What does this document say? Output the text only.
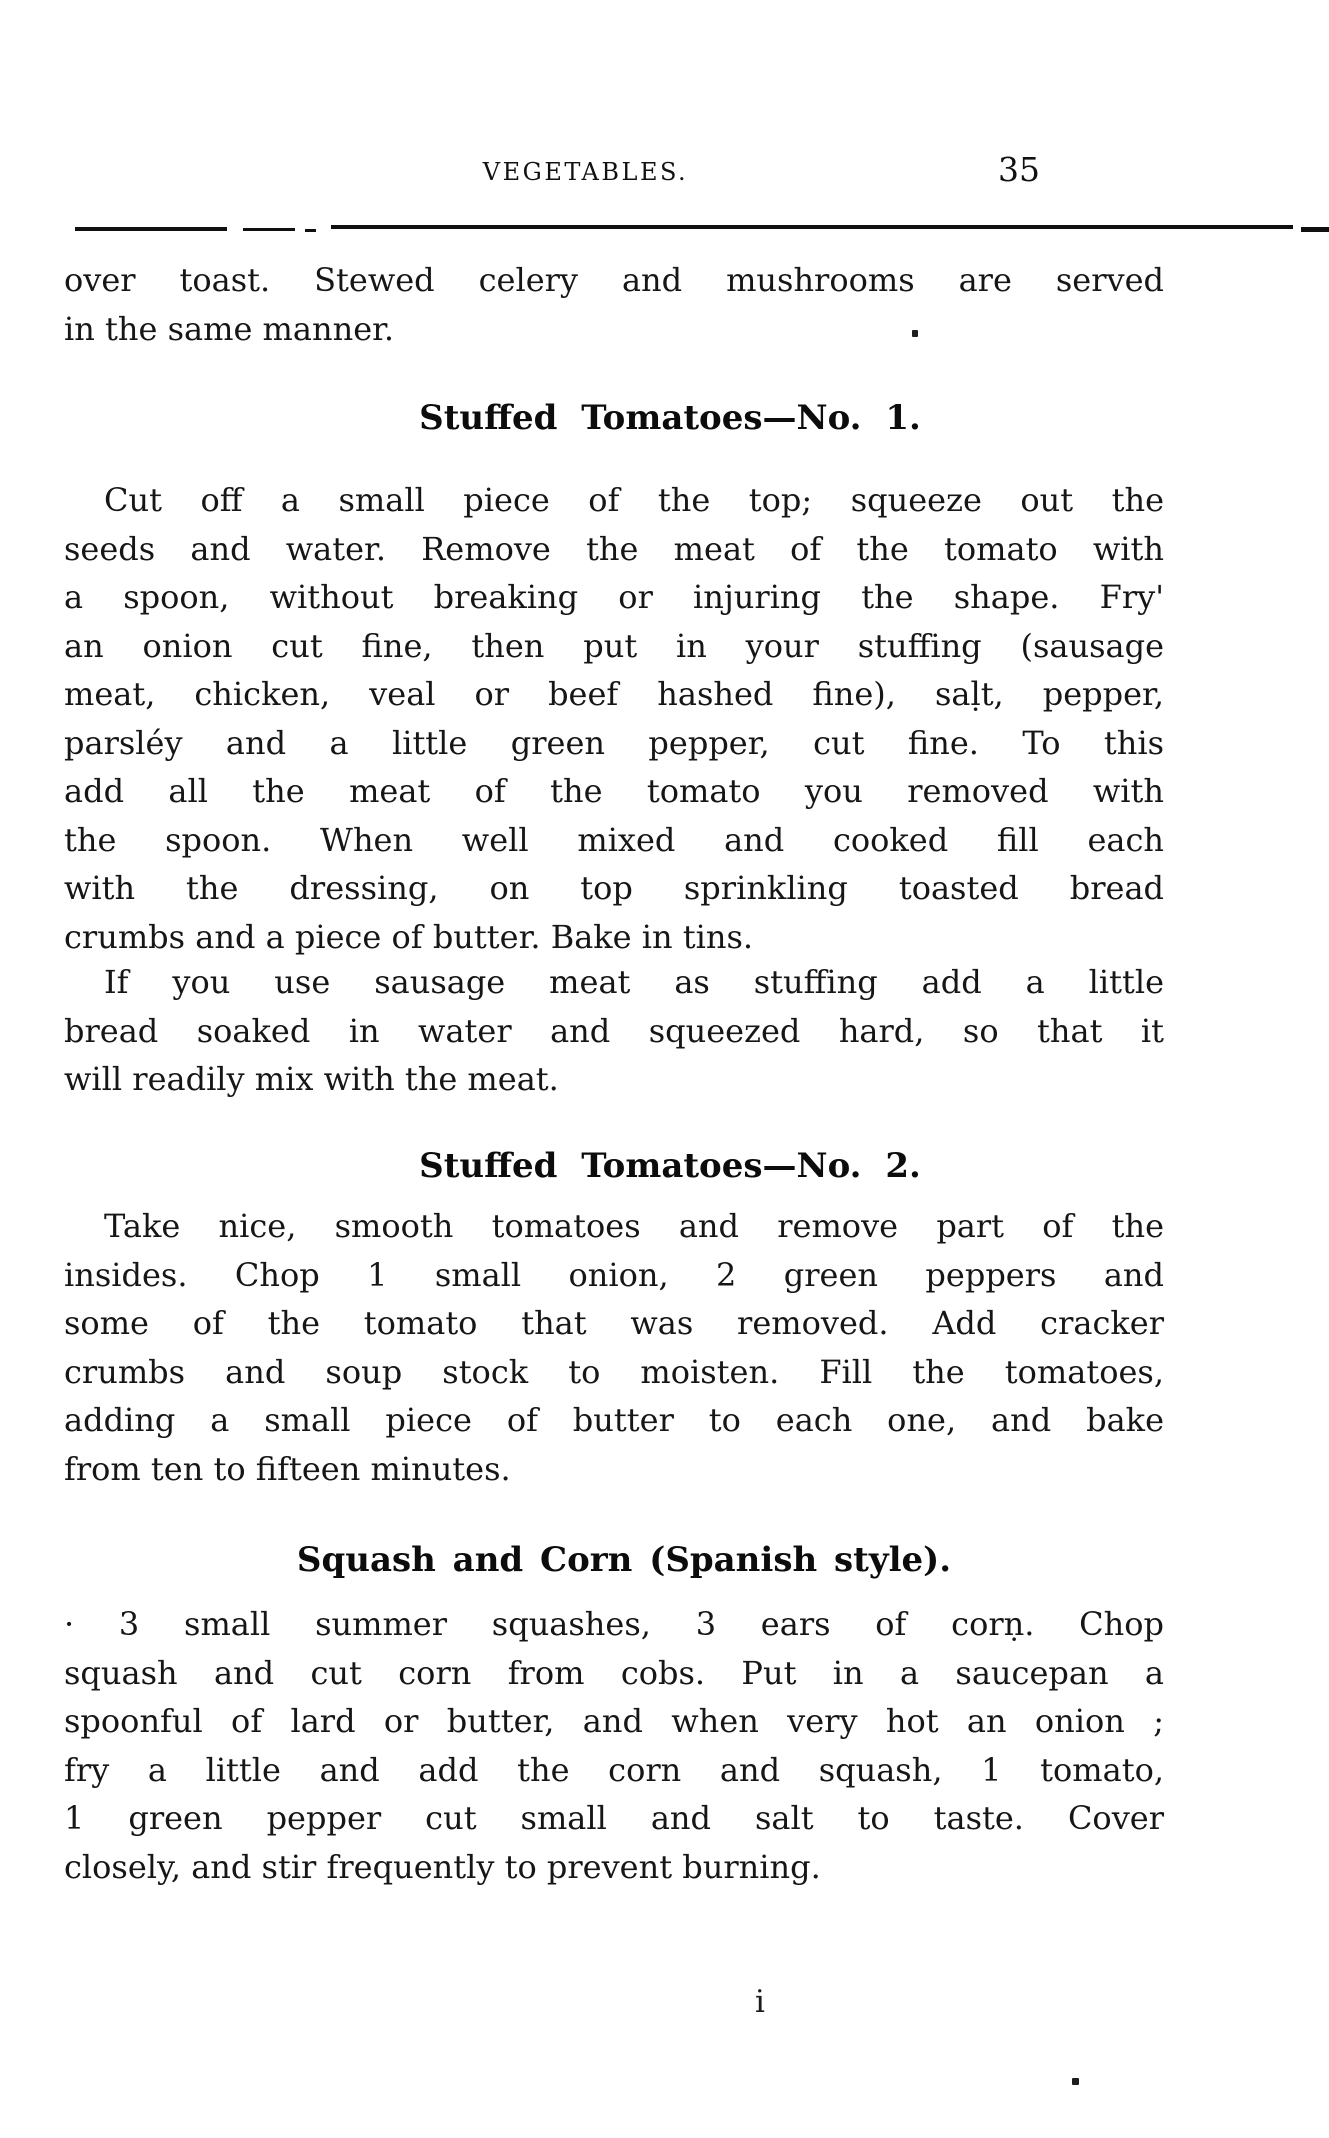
VEGETABLES.	35
over toast. Stewed celery and mushrooms are served
in the same manner.
Stuffed Tomatoes—No. 1.
Cut off a small piece of the top; squeeze out the
seeds and water. Remove the meat of the tomato with
a spoon, without breaking or injuring the shape. Fry'
an onion cut fine, then put in your stuffing (sausage
meat, chicken, veal or beef hashed fine), saḷt, pepper,
parsléy and a little green pepper, cut fine. To this
add all the meat of the tomato you removed with
the spoon. When well mixed and cooked fill each
with the dressing, on top sprinkling toasted bread
crumbs and a piece of butter. Bake in tins.
If you use sausage meat as stuffing add a little
bread soaked in water and squeezed hard, so that it
will readily mix with the meat.
Stuffed Tomatoes—No. 2.
Take nice, smooth tomatoes and remove part of the
insides. Chop 1 small onion, 2 green peppers and
some of the tomato that was removed. Add cracker
crumbs and soup stock to moisten. Fill the tomatoes,
adding a small piece of butter to each one, and bake
from ten to fifteen minutes.
Squash and Corn (Spanish style).
· 3 small summer squashes, 3 ears of corṇ. Chop
squash and cut corn from cobs. Put in a saucepan a
spoonful of lard or butter, and when very hot an onion ;
fry a little and add the corn and squash, 1 tomato,
1 green pepper cut small and salt to taste. Cover
closely, and stir frequently to prevent burning.
i
